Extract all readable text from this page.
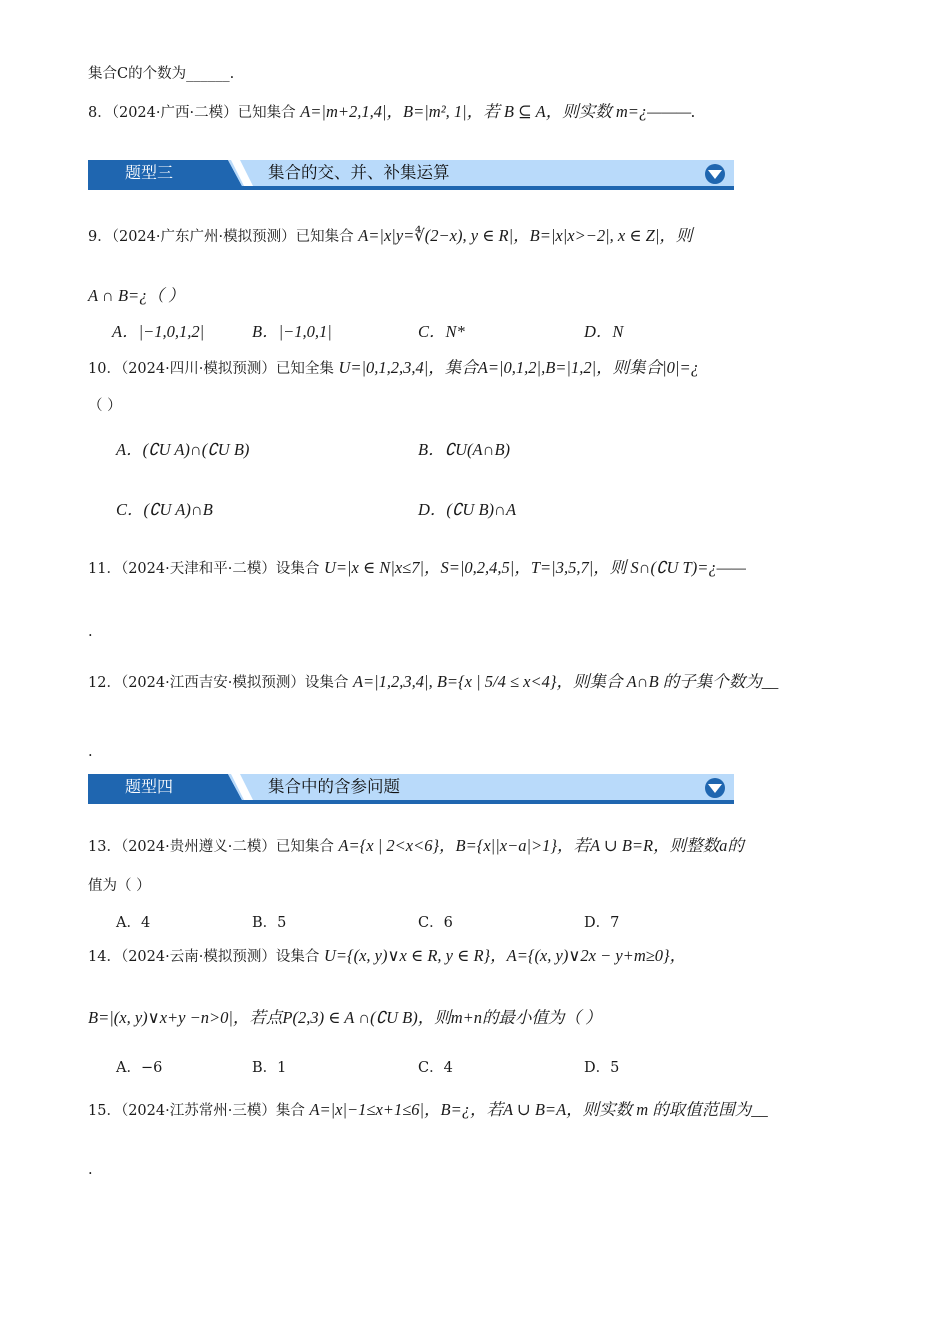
集合C的个数为______.
8．（2024·广西·二模）已知集合 A=|m+2,1,4|，B=|m², 1|，若 B ⊆ A，则实数 m=¿———.
题型三	集合的交、并、补集运算
9．（2024·广东广州·模拟预测）已知集合 A=|x|y=∜(2−x), y ∈ R|，B=|x|x>−2|, x ∈ Z|，则
A ∩ B=¿（ ）
A．|−1,0,1,2|	B．|−1,0,1|	C．N*	D．N
10．（2024·四川·模拟预测）已知全集 U=|0,1,2,3,4|，集合A=|0,1,2|,B=|1,2|，则集合|0|=¿
（ ）
A．(∁U A)∩(∁U B)	B．∁U(A∩B)
C．(∁U A)∩B	D．(∁U B)∩A
11．（2024·天津和平·二模）设集合 U=|x ∈ N|x≤7|，S=|0,2,4,5|，T=|3,5,7|，则 S∩(∁U T)=¿——
.
12．（2024·江西吉安·模拟预测）设集合 A=|1,2,3,4|, B={x | 5/4 ≤ x<4}，则集合 A∩B 的子集个数为__
.
题型四	集合中的含参问题
13．（2024·贵州遵义·二模）已知集合 A={x | 2<x<6}，B={x||x−a|>1}，若A ∪ B=R，则整数a的
值为（ ）
A．4	B．5	C．6	D．7
14．（2024·云南·模拟预测）设集合 U={(x, y)∨x ∈ R, y ∈ R}，A={(x, y)∨2x − y+m≥0}，
B=|(x, y)∨x+y −n>0|，若点P(2,3) ∈ A ∩(∁U B)，则m+n的最小值为（ ）
A．−6	B．1	C．4	D．5
15．（2024·江苏常州·三模）集合 A=|x|−1≤x+1≤6|，B=¿，若A ∪ B=A，则实数 m 的取值范围为__
.
